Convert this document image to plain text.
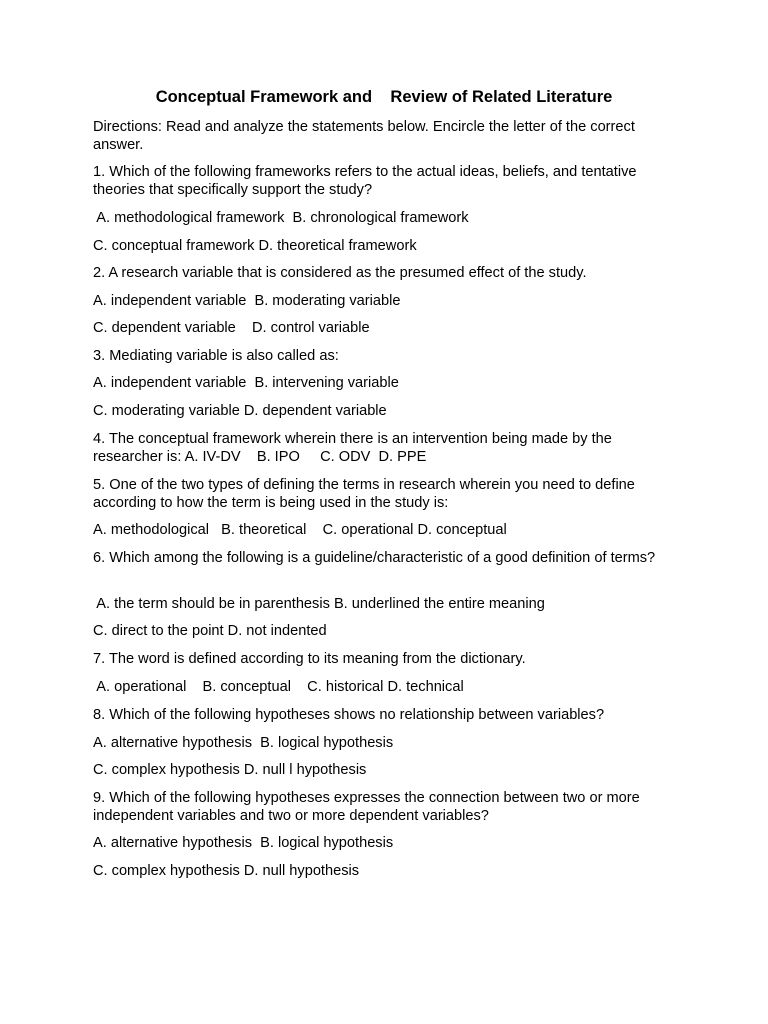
Conceptual Framework and    Review of Related Literature
Directions: Read and analyze the statements below. Encircle the letter of the correct answer.
1. Which of the following frameworks refers to the actual ideas, beliefs, and tentative theories that specifically support the study?
A. methodological framework  B. chronological framework
C. conceptual framework D. theoretical framework
2. A research variable that is considered as the presumed effect of the study.
A. independent variable  B. moderating variable
C. dependent variable    D. control variable
3. Mediating variable is also called as:
A. independent variable  B. intervening variable
C. moderating variable D. dependent variable
4. The conceptual framework wherein there is an intervention being made by the researcher is: A. IV-DV    B. IPO     C. ODV  D. PPE
5. One of the two types of defining the terms in research wherein you need to define according to how the term is being used in the study is:
A. methodological   B. theoretical    C. operational D. conceptual
6. Which among the following is a guideline/characteristic of a good definition of terms?
A. the term should be in parenthesis B. underlined the entire meaning
C. direct to the point D. not indented
7. The word is defined according to its meaning from the dictionary.
A. operational    B. conceptual    C. historical D. technical
8. Which of the following hypotheses shows no relationship between variables?
A. alternative hypothesis  B. logical hypothesis
C. complex hypothesis D. null l hypothesis
9. Which of the following hypotheses expresses the connection between two or more independent variables and two or more dependent variables?
A. alternative hypothesis  B. logical hypothesis
C. complex hypothesis D. null hypothesis
